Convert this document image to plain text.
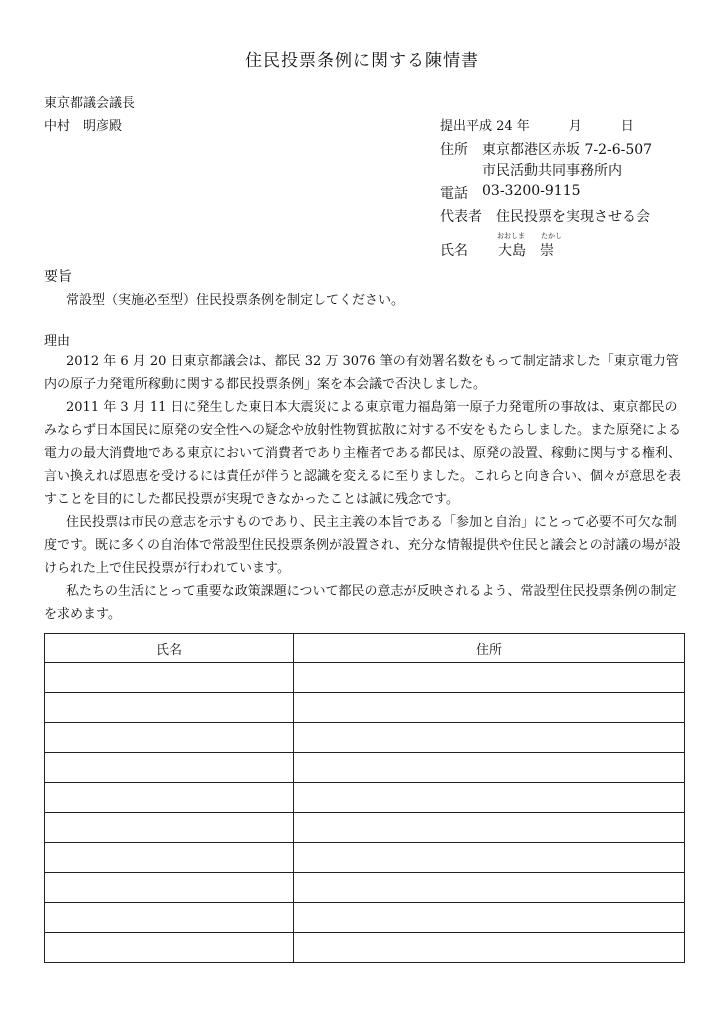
住民投票条例に関する陳情書
東京都議会議長
中村　明彦殿	提出平成 24 年　　　月　　　日
住所 東京都港区赤坂 7-2-6-507
市民活動共同事務所内
電話 03-3200-9115
代表者 住民投票を実現させる会
おおしま たかし
氏名 大島　崇
要旨
常設型（実施必至型）住民投票条例を制定してください。
理由

2012 年 6 月 20 日東京都議会は、都民 32 万 3076 筆の有効署名数をもって制定請求した「東京電力管内の原子力発電所稼動に関する都民投票条例」案を本会議で否決しました。

2011 年 3 月 11 日に発生した東日本大震災による東京電力福島第一原子力発電所の事故は、東京都民のみならず日本国民に原発の安全性への疑念や放射性物質拡散に対する不安をもたらしました。また原発による電力の最大消費地である東京において消費者であり主権者である都民は、原発の設置、稼動に関与する権利、言い換えれば恩恵を受けるには責任が伴うと認識を変えるに至りました。これらと向き合い、個々が意思を表すことを目的にした都民投票が実現できなかったことは誠に残念です。

住民投票は市民の意志を示すものであり、民主主義の本旨である「参加と自治」にとって必要不可欠な制度です。既に多くの自治体で常設型住民投票条例が設置され、充分な情報提供や住民と議会との討議の場が設けられた上で住民投票が行われています。

私たちの生活にとって重要な政策課題について都民の意志が反映されるよう、常設型住民投票条例の制定を求めます。

氏名	住所
